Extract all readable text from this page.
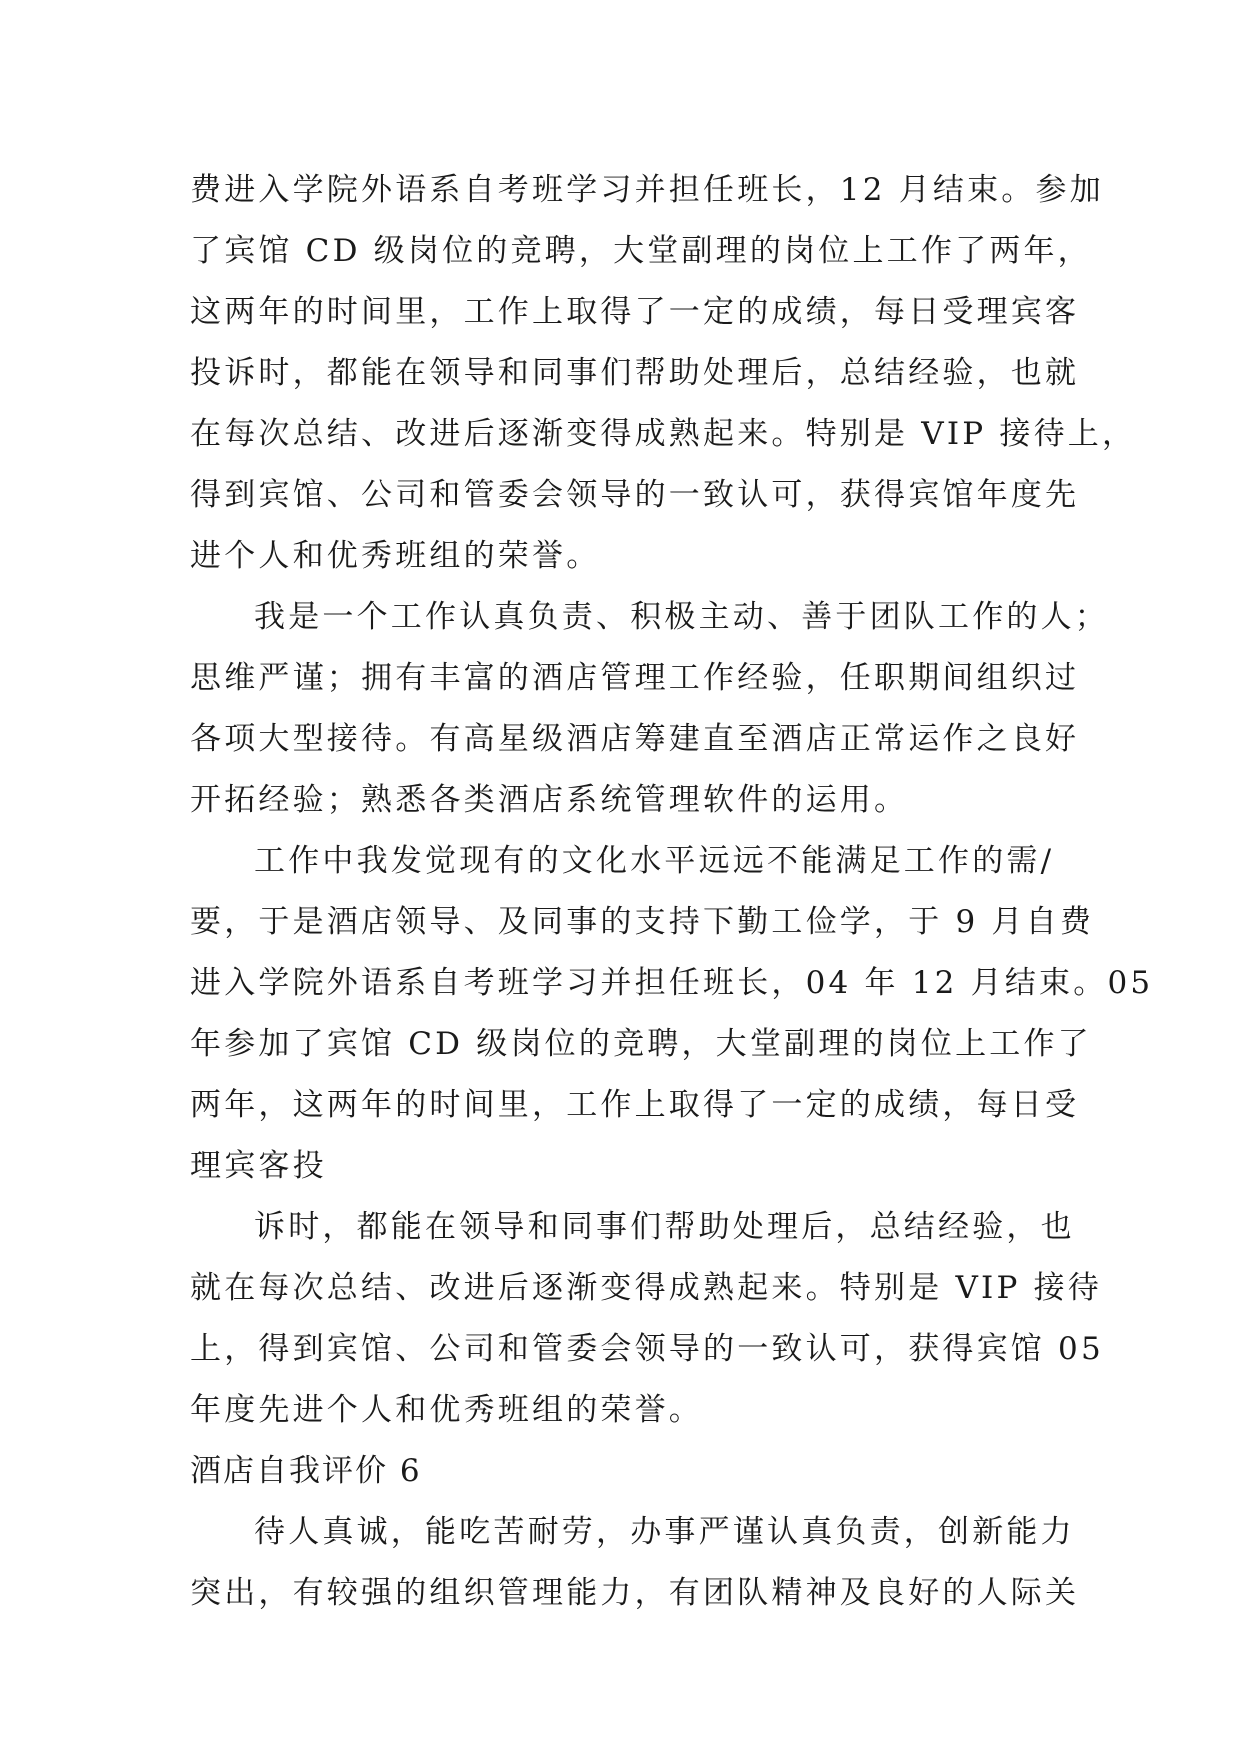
费进入学院外语系自考班学习并担任班长，12 月结束。参加
了宾馆 CD 级岗位的竞聘，大堂副理的岗位上工作了两年，
这两年的时间里，工作上取得了一定的成绩，每日受理宾客
投诉时，都能在领导和同事们帮助处理后，总结经验，也就
在每次总结、改进后逐渐变得成熟起来。特别是 VIP 接待上，
得到宾馆、公司和管委会领导的一致认可，获得宾馆年度先
进个人和优秀班组的荣誉。
我是一个工作认真负责、积极主动、善于团队工作的人；
思维严谨；拥有丰富的酒店管理工作经验，任职期间组织过
各项大型接待。有高星级酒店筹建直至酒店正常运作之良好
开拓经验；熟悉各类酒店系统管理软件的运用。
工作中我发觉现有的文化水平远远不能满足工作的需/
要，于是酒店领导、及同事的支持下勤工俭学，于 9 月自费
进入学院外语系自考班学习并担任班长，04 年 12 月结束。05
年参加了宾馆 CD 级岗位的竞聘，大堂副理的岗位上工作了
两年，这两年的时间里，工作上取得了一定的成绩，每日受
理宾客投
诉时，都能在领导和同事们帮助处理后，总结经验，也
就在每次总结、改进后逐渐变得成熟起来。特别是 VIP 接待
上，得到宾馆、公司和管委会领导的一致认可，获得宾馆 05
年度先进个人和优秀班组的荣誉。
酒店自我评价 6
待人真诚，能吃苦耐劳，办事严谨认真负责，创新能力
突出，有较强的组织管理能力，有团队精神及良好的人际关
